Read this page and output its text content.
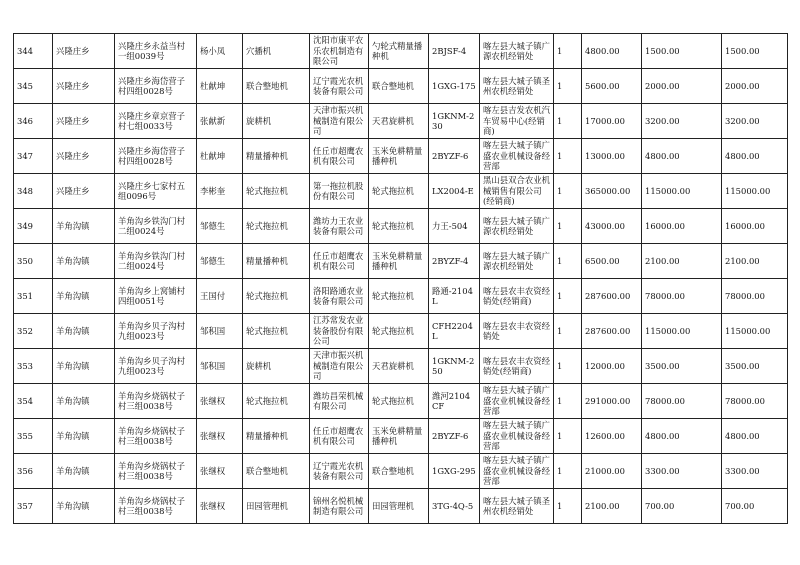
344	兴隆庄乡	兴隆庄乡永益当村一组0039号	杨小凤	穴播机	沈阳市康平农乐农机制造有限公司	勺轮式精量播种机	2BJSF-4	喀左县大城子镇广源农机经销处	1	4800.00	1500.00	1500.00
345	兴隆庄乡	兴隆庄乡海岱营子村四组0028号	杜献坤	联合整地机	辽宁霞光农机装备有限公司	联合整地机	1GXG-175	喀左县大城子镇圣州农机经销处	1	5600.00	2000.00	2000.00
346	兴隆庄乡	兴隆庄乡章京营子村七组0033号	张献新	旋耕机	天津市振兴机械制造有限公司	天君旋耕机	1GKNM-230	喀左县吉发农机汽车贸易中心(经销商)	1	17000.00	3200.00	3200.00
347	兴隆庄乡	兴隆庄乡海岱营子村四组0028号	杜献坤	精量播种机	任丘市超鹰农机有限公司	玉米免耕精量播种机	2BYZF-6	喀左县大城子镇广盛农业机械设备经营部	1	13000.00	4800.00	4800.00
348	兴隆庄乡	兴隆庄乡七家村五组0096号	李彬奎	轮式拖拉机	第一拖拉机股份有限公司	轮式拖拉机	LX2004-E	黑山县双合农业机械销售有限公司(经销商)	1	365000.00	115000.00	115000.00
349	羊角沟镇	羊角沟乡铁沟门村二组0024号	邹德生	轮式拖拉机	潍坊力王农业装备有限公司	轮式拖拉机	力王-504	喀左县大城子镇广源农机经销处	1	43000.00	16000.00	16000.00
350	羊角沟镇	羊角沟乡铁沟门村二组0024号	邹德生	精量播种机	任丘市超鹰农机有限公司	玉米免耕精量播种机	2BYZF-4	喀左县大城子镇广源农机经销处	1	6500.00	2100.00	2100.00
351	羊角沟镇	羊角沟乡上窝铺村四组0051号	王国付	轮式拖拉机	洛阳路通农业装备有限公司	轮式拖拉机	路通-2104L	喀左县农丰农资经销处(经销商)	1	287600.00	78000.00	78000.00
352	羊角沟镇	羊角沟乡贝子沟村九组0023号	邹积国	轮式拖拉机	江苏常发农业装备股份有限公司	轮式拖拉机	CFH2204L	喀左县农丰农资经销处	1	287600.00	115000.00	115000.00
353	羊角沟镇	羊角沟乡贝子沟村九组0023号	邹积国	旋耕机	天津市振兴机械制造有限公司	天君旋耕机	1GKNM-250	喀左县农丰农资经销处(经销商)	1	12000.00	3500.00	3500.00
354	羊角沟镇	羊角沟乡烧锅杖子村三组0038号	张继权	轮式拖拉机	潍坊昌荣机械有限公司	轮式拖拉机	潍河2104CF	喀左县大城子镇广盛农业机械设备经营部	1	291000.00	78000.00	78000.00
355	羊角沟镇	羊角沟乡烧锅杖子村三组0038号	张继权	精量播种机	任丘市超鹰农机有限公司	玉米免耕精量播种机	2BYZF-6	喀左县大城子镇广盛农业机械设备经营部	1	12600.00	4800.00	4800.00
356	羊角沟镇	羊角沟乡烧锅杖子村三组0038号	张继权	联合整地机	辽宁霞光农机装备有限公司	联合整地机	1GXG-295	喀左县大城子镇广盛农业机械设备经营部	1	21000.00	3300.00	3300.00
357	羊角沟镇	羊角沟乡烧锅杖子村三组0038号	张继权	田园管理机	锦州名悦机械制造有限公司	田园管理机	3TG-4Q-5	喀左县大城子镇圣州农机经销处	1	2100.00	700.00	700.00
